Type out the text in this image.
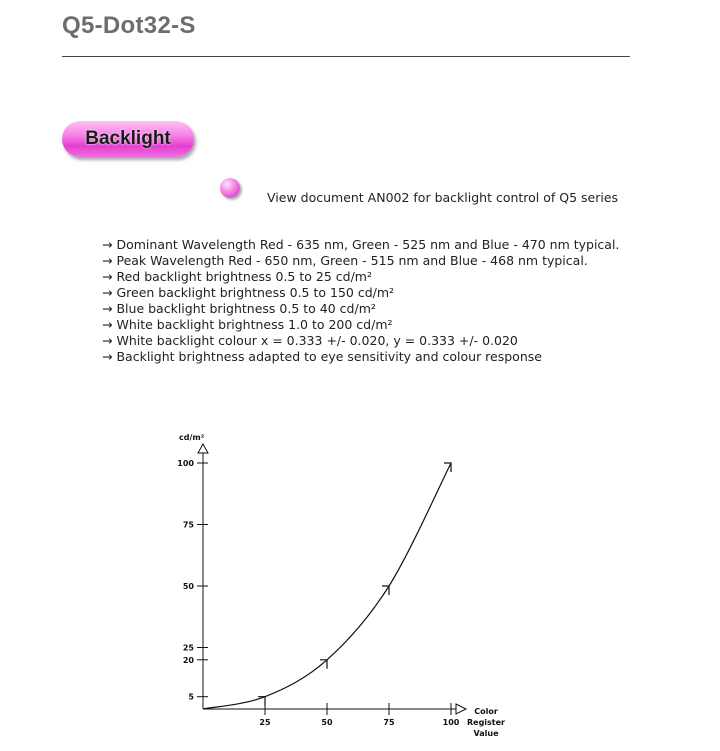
Q5-Dot32-S
Backlight
View document AN002 for backlight control of Q5 series
→ Dominant Wavelength Red - 635 nm, Green - 525 nm and Blue - 470 nm typical.
→ Peak Wavelength Red - 650 nm, Green - 515 nm and Blue - 468 nm typical.
→ Red backlight brightness 0.5 to 25 cd/m²
→ Green backlight brightness 0.5 to 150 cd/m²
→ Blue backlight brightness 0.5 to 40 cd/m²
→ White backlight brightness 1.0 to 200 cd/m²
→ White backlight colour x = 0.333 +/- 0.020, y = 0.333 +/- 0.020
→ Backlight brightness adapted to eye sensitivity and colour response
5
20
25
50
75
100
25	50	75	100
cd/m²
Color
Register
Value
